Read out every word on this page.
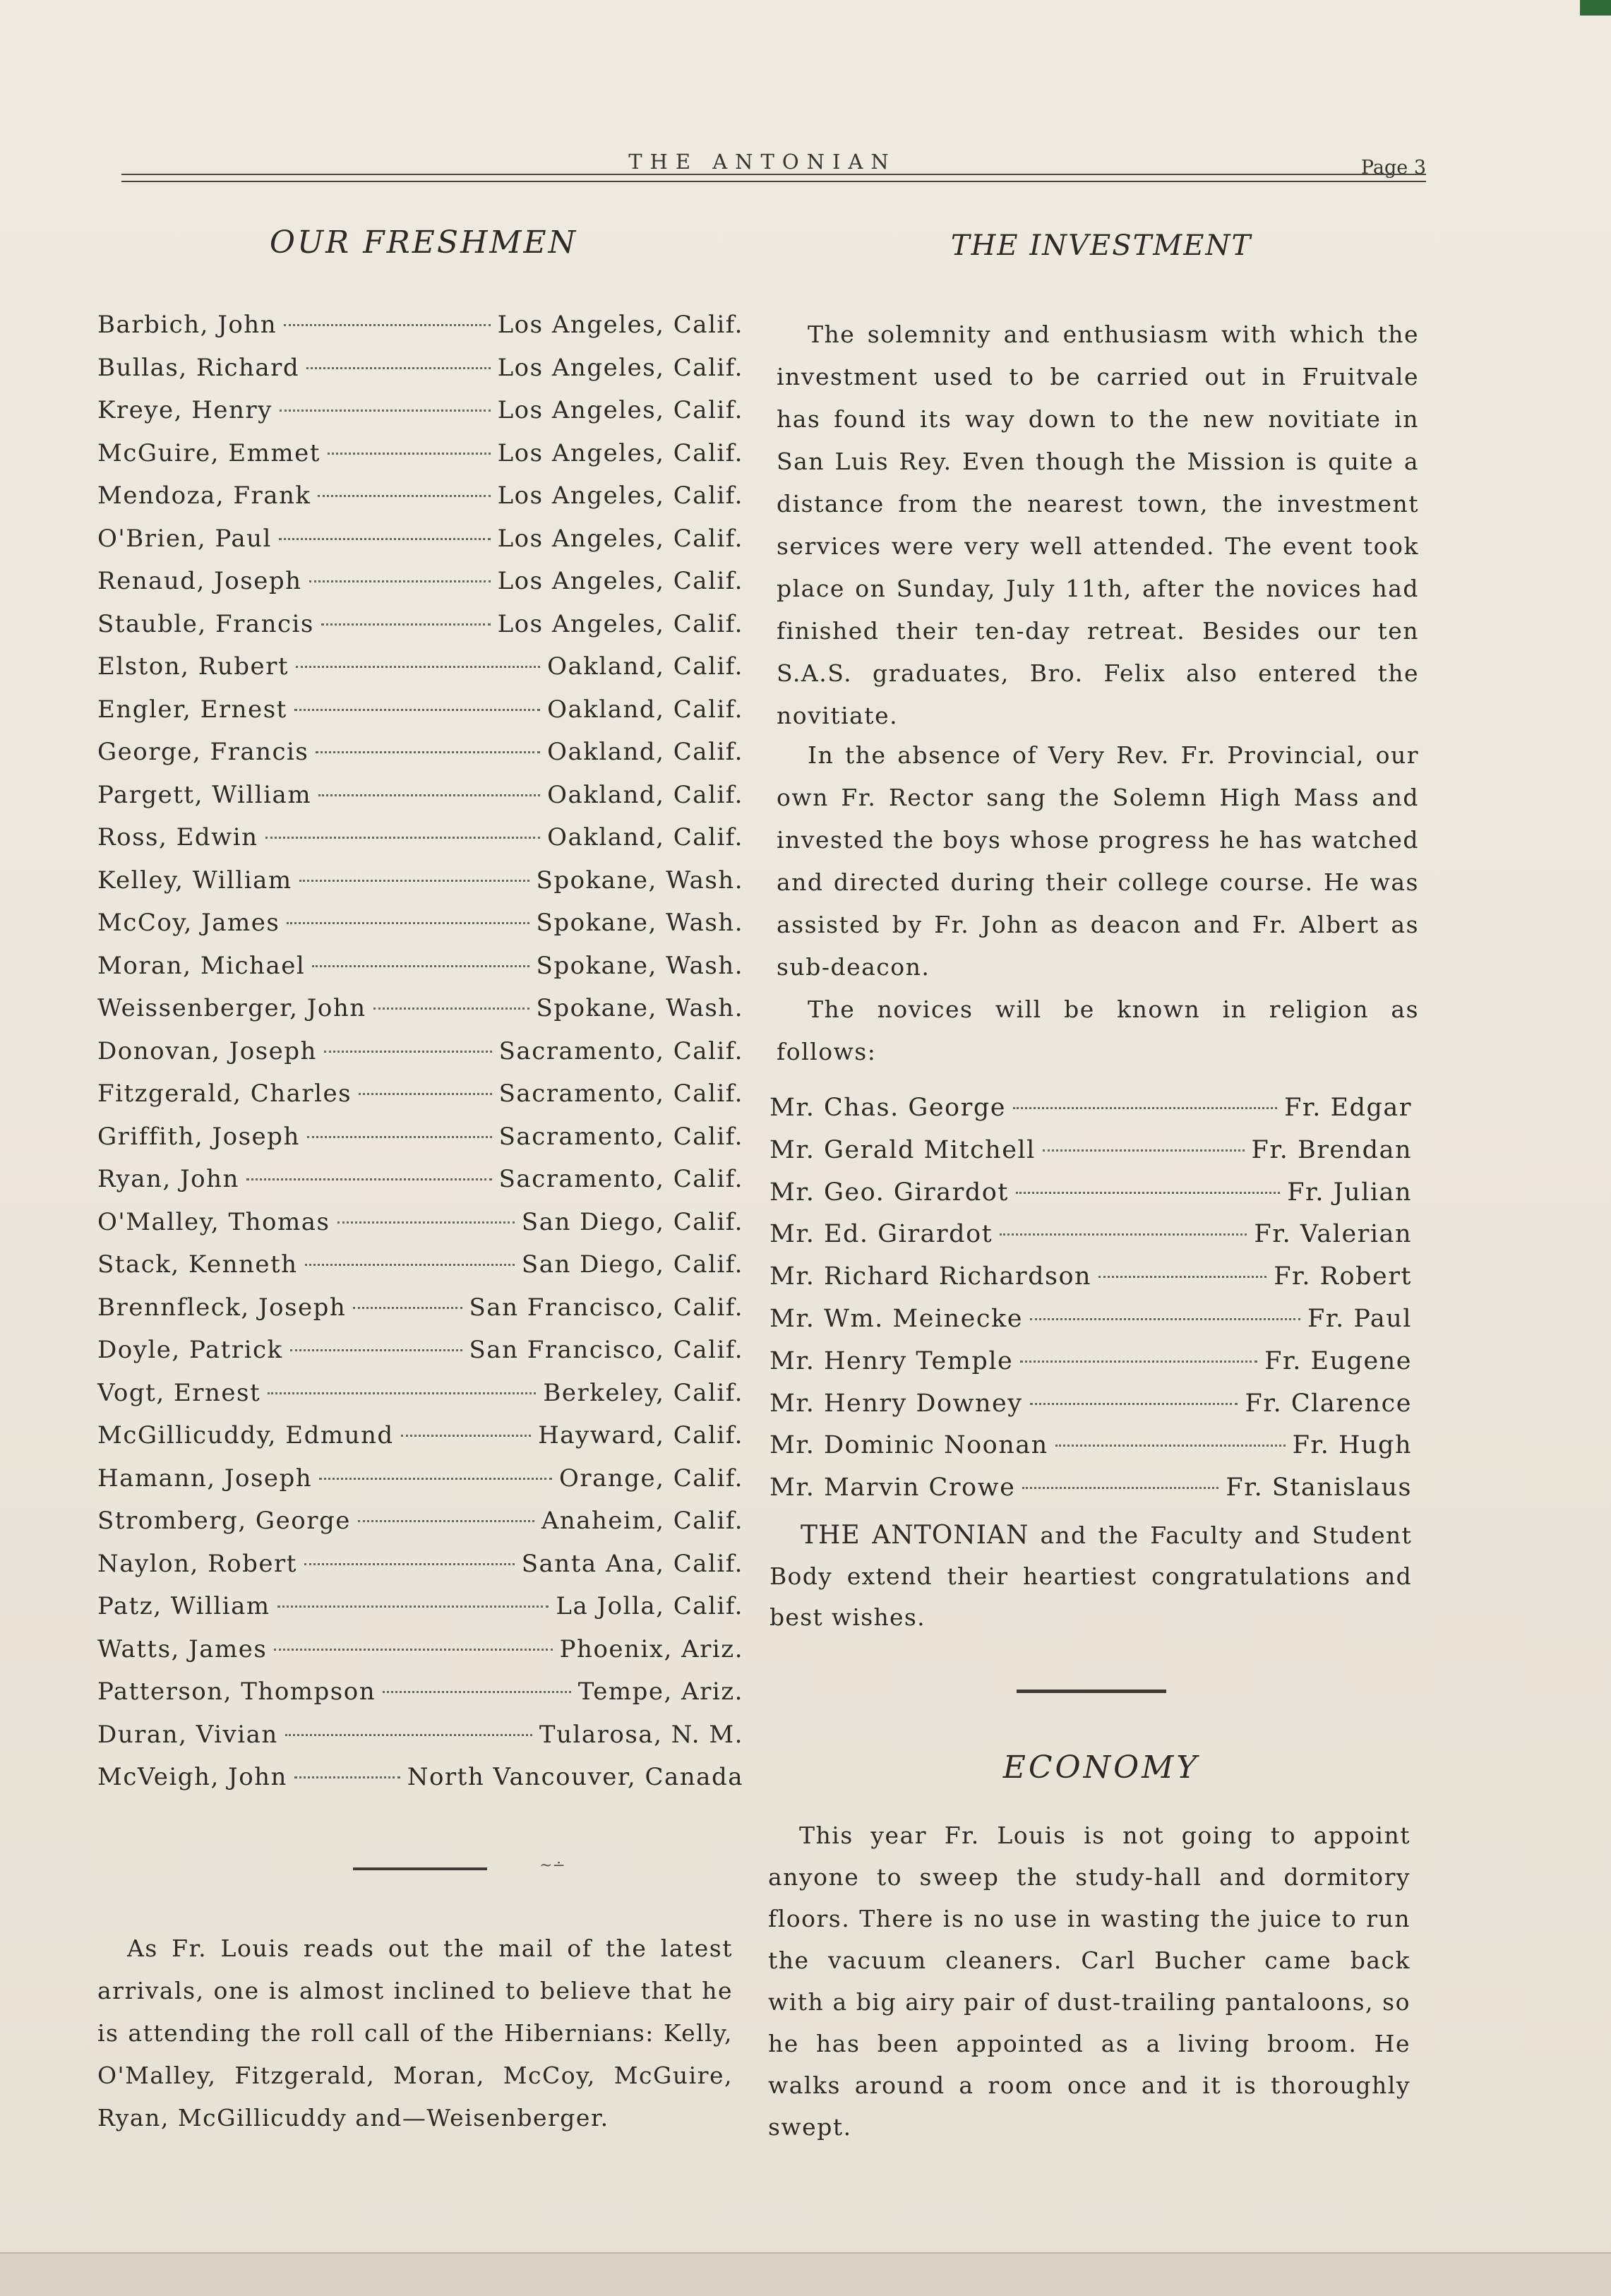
THE ANTONIAN	Page 3
OUR FRESHMEN
Barbich, John	Los Angeles, Calif.
Bullas, Richard	Los Angeles, Calif.
Kreye, Henry	Los Angeles, Calif.
McGuire, Emmet	Los Angeles, Calif.
Mendoza, Frank	Los Angeles, Calif.
O'Brien, Paul	Los Angeles, Calif.
Renaud, Joseph	Los Angeles, Calif.
Stauble, Francis	Los Angeles, Calif.
Elston, Rubert	Oakland, Calif.
Engler, Ernest	Oakland, Calif.
George, Francis	Oakland, Calif.
Pargett, William	Oakland, Calif.
Ross, Edwin	Oakland, Calif.
Kelley, William	Spokane, Wash.
McCoy, James	Spokane, Wash.
Moran, Michael	Spokane, Wash.
Weissenberger, John	Spokane, Wash.
Donovan, Joseph	Sacramento, Calif.
Fitzgerald, Charles	Sacramento, Calif.
Griffith, Joseph	Sacramento, Calif.
Ryan, John	Sacramento, Calif.
O'Malley, Thomas	San Diego, Calif.
Stack, Kenneth	San Diego, Calif.
Brennfleck, Joseph	San Francisco, Calif.
Doyle, Patrick	San Francisco, Calif.
Vogt, Ernest	Berkeley, Calif.
McGillicuddy, Edmund	Hayward, Calif.
Hamann, Joseph	Orange, Calif.
Stromberg, George	Anaheim, Calif.
Naylon, Robert	Santa Ana, Calif.
Patz, William	La Jolla, Calif.
Watts, James	Phoenix, Ariz.
Patterson, Thompson	Tempe, Ariz.
Duran, Vivian	Tularosa, N. M.
McVeigh, John	North Vancouver, Canada
~∸
As Fr. Louis reads out the mail of the latest arrivals, one is almost inclined to believe that he is attending the roll call of the Hibernians: Kelly, O'Malley, Fitzgerald, Moran, McCoy, McGuire, Ryan, McGillicuddy and—Weisenberger.
THE INVESTMENT
The solemnity and enthusiasm with which the investment used to be carried out in Fruitvale has found its way down to the new novitiate in San Luis Rey. Even though the Mission is quite a distance from the nearest town, the investment services were very well attended. The event took place on Sunday, July 11th, after the novices had finished their ten-day retreat. Besides our ten S.A.S. graduates, Bro. Felix also entered the novitiate.
In the absence of Very Rev. Fr. Provincial, our own Fr. Rector sang the Solemn High Mass and invested the boys whose progress he has watched and directed during their college course. He was assisted by Fr. John as deacon and Fr. Albert as sub-deacon.
The novices will be known in religion as follows:
Mr. Chas. George	Fr. Edgar
Mr. Gerald Mitchell	Fr. Brendan
Mr. Geo. Girardot	Fr. Julian
Mr. Ed. Girardot	Fr. Valerian
Mr. Richard Richardson	Fr. Robert
Mr. Wm. Meinecke	Fr. Paul
Mr. Henry Temple	Fr. Eugene
Mr. Henry Downey	Fr. Clarence
Mr. Dominic Noonan	Fr. Hugh
Mr. Marvin Crowe	Fr. Stanislaus
THE ANTONIAN and the Faculty and Student Body extend their heartiest congratulations and best wishes.
ECONOMY
This year Fr. Louis is not going to appoint anyone to sweep the study-hall and dormitory floors. There is no use in wasting the juice to run the vacuum cleaners. Carl Bucher came back with a big airy pair of dust-trailing pantaloons, so he has been appointed as a living broom. He walks around a room once and it is thoroughly swept.
